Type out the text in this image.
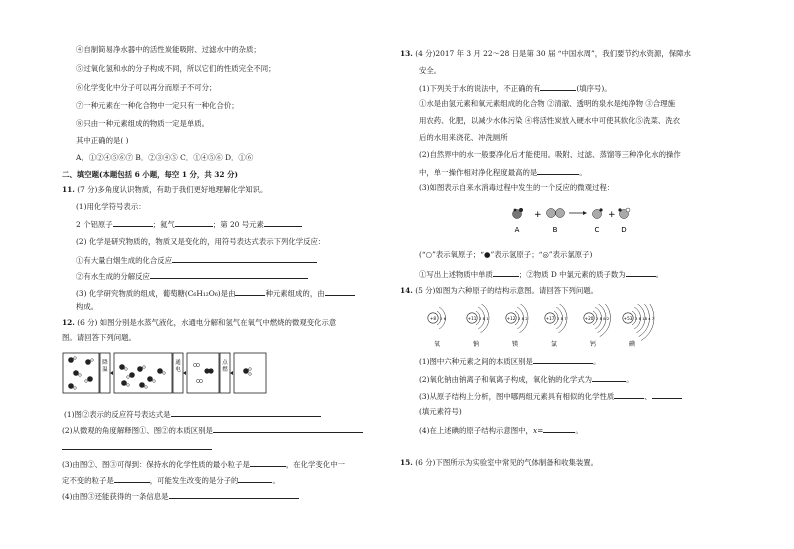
④自制简易净水器中的活性炭能吸附、过滤水中的杂质；
⑤过氧化氢和水的分子构成不同，所以它们的性质完全不同；
⑥化学变化中分子可以再分而原子不可分；
⑦一种元素在一种化合物中一定只有一种化合价；
⑧只由一种元素组成的物质一定是单质。
其中正确的是( )
A．①②④⑤⑥⑦ B．②③④⑤ C．①④⑤⑥ D．①⑥
二、填空题(本题包括 6 小题，每空 1 分，共 32 分)
11. (7 分)多角度认识物质，有助于我们更好地理解化学知识。
(1)用化学符号表示：
2 个铝原子	；氦气	；第 20 号元素
(2) 化学是研究物质的，物质又是变化的，用符号表达式表示下列化学反应：
①有大量白烟生成的化合反应
②有水生成的分解反应
(3) 化学研究物质的组成，葡萄糖(C₆H₁₂O₆)是由	种元素组成的，由
构成。
12. (6 分) 如图分别是水蒸气液化，水通电分解和氢气在氧气中燃烧的微观变化示意
图。请回答下列问题。
降
温
通
电
点
燃
(1)图②表示的反应符号表达式是
(2)从微观的角度解释图①、图②的本质区别是
(3)由图②、图③可得到：保持水的化学性质的最小粒子是	，在化学变化中一
定不变的粒子是	，可能发生改变的是分子的	。
(4)由图③还能获得的一条信息是
13. (4 分)2017 年 3 月 22～28 日是第 30 届 “中国水周”，我们要节约水资源，保障水
安全。
(1)下列关于水的说法中，不正确的有	(填序号)。
①水是由氢元素和氧元素组成的化合物 ②清澈、透明的泉水是纯净物 ③合理施
用农药、化肥，以减少水体污染 ④将活性炭放入硬水中可使其软化⑤洗菜、洗衣
后的水用来浇花、冲洗厕所
(2)自然界中的水一般要净化后才能使用。吸附、过滤、蒸馏等三种净化水的操作
中，单一操作相对净化程度最高的是	。
(3)如图表示自来水消毒过程中发生的一个反应的微观过程：
+	+
A	B	C	D
(“○”表示氧原子；“●”表示氢原子；“◎”表示氯原子)
①写出上述物质中单质	；②物质 D 中氯元素的质子数为	。
14. (5 分)如图为六种原子的结构示意图。请回答下列问题。
+8 2 6
氧
+11 2 8 1
钠
+12 2 8 2
镁
+17 2 8 7
氯
+20 2 8 8 2
钙
+53 2 8 18 x 7
碘
(1)图中六种元素之间的本质区别是	。
(2)氧化钠由钠离子和氧离子构成，氧化钠的化学式为	。
(3)从原子结构上分析，图中哪两组元素具有相似的化学性质	、
(填元素符号)
(4)在上述碘的原子结构示意图中，x=	。
15. (6 分)下图所示为实验室中常见的气体制备和收集装置。
